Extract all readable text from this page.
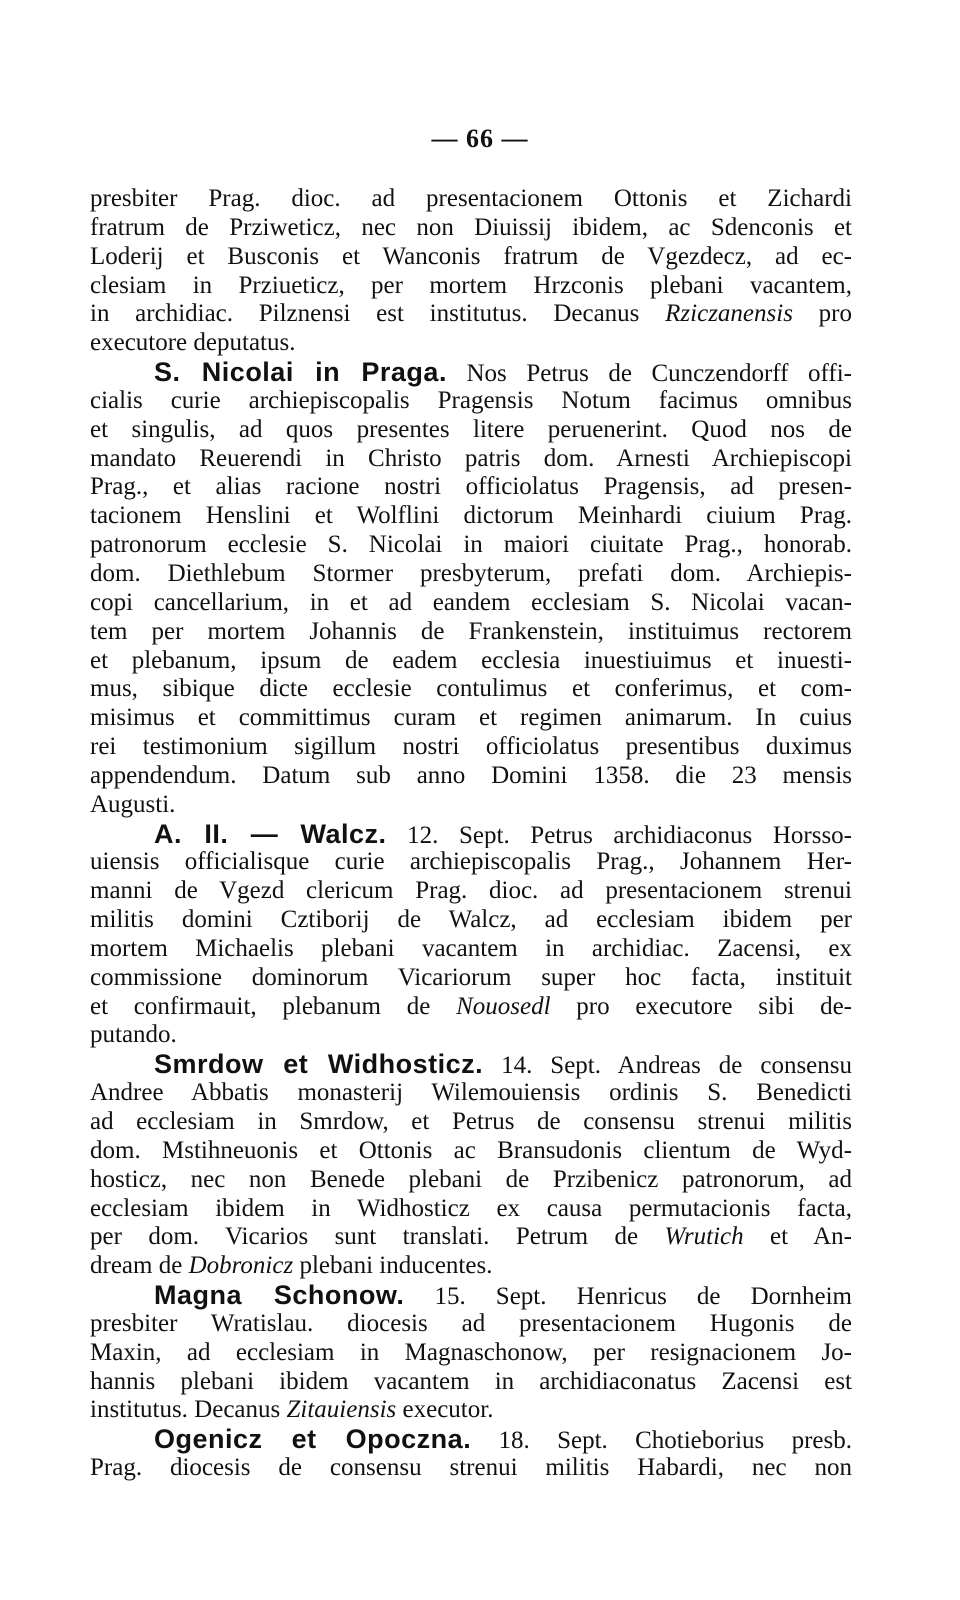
— 66 —
presbiter Prag. dioc. ad presentacionem Ottonis et Zichardi
fratrum de Prziweticz, nec non Diuissij ibidem, ac Sdenconis et
Loderij et Busconis et Wanconis fratrum de Vgezdecz, ad ec-
clesiam in Prziueticz, per mortem Hrzconis plebani vacantem,
in archidiac. Pilznensi est institutus. Decanus Rziczanensis pro
executore deputatus.
S. Nicolai in Praga. Nos Petrus de Cunczendorff offi-
cialis curie archiepiscopalis Pragensis Notum facimus omnibus
et singulis, ad quos presentes litere peruenerint. Quod nos de
mandato Reuerendi in Christo patris dom. Arnesti Archiepiscopi
Prag., et alias racione nostri officiolatus Pragensis, ad presen-
tacionem Henslini et Wolflini dictorum Meinhardi ciuium Prag.
patronorum ecclesie S. Nicolai in maiori ciuitate Prag., honorab.
dom. Diethlebum Stormer presbyterum, prefati dom. Archiepis-
copi cancellarium, in et ad eandem ecclesiam S. Nicolai vacan-
tem per mortem Johannis de Frankenstein, instituimus rectorem
et plebanum, ipsum de eadem ecclesia inuestiuimus et inuesti-
mus, sibique dicte ecclesie contulimus et conferimus, et com-
misimus et committimus curam et regimen animarum. In cuius
rei testimonium sigillum nostri officiolatus presentibus duximus
appendendum. Datum sub anno Domini 1358. die 23 mensis
Augusti.
A. II. — Walcz. 12. Sept. Petrus archidiaconus Horsso-
uiensis officialisque curie archiepiscopalis Prag., Johannem Her-
manni de Vgezd clericum Prag. dioc. ad presentacionem strenui
militis domini Cztiborij de Walcz, ad ecclesiam ibidem per
mortem Michaelis plebani vacantem in archidiac. Zacensi, ex
commissione dominorum Vicariorum super hoc facta, instituit
et confirmauit, plebanum de Nouosedl pro executore sibi de-
putando.
Smrdow et Widhosticz. 14. Sept. Andreas de consensu
Andree Abbatis monasterij Wilemouiensis ordinis S. Benedicti
ad ecclesiam in Smrdow, et Petrus de consensu strenui militis
dom. Mstihneuonis et Ottonis ac Bransudonis clientum de Wyd-
hosticz, nec non Benede plebani de Przibenicz patronorum, ad
ecclesiam ibidem in Widhosticz ex causa permutacionis facta,
per dom. Vicarios sunt translati. Petrum de Wrutich et An-
dream de Dobronicz plebani inducentes.
Magna Schonow. 15. Sept. Henricus de Dornheim
presbiter Wratislau. diocesis ad presentacionem Hugonis de
Maxin, ad ecclesiam in Magnaschonow, per resignacionem Jo-
hannis plebani ibidem vacantem in archidiaconatus Zacensi est
institutus. Decanus Zitauiensis executor.
Ogenicz et Opoczna. 18. Sept. Chotieborius presb.
Prag. diocesis de consensu strenui militis Habardi, nec non
